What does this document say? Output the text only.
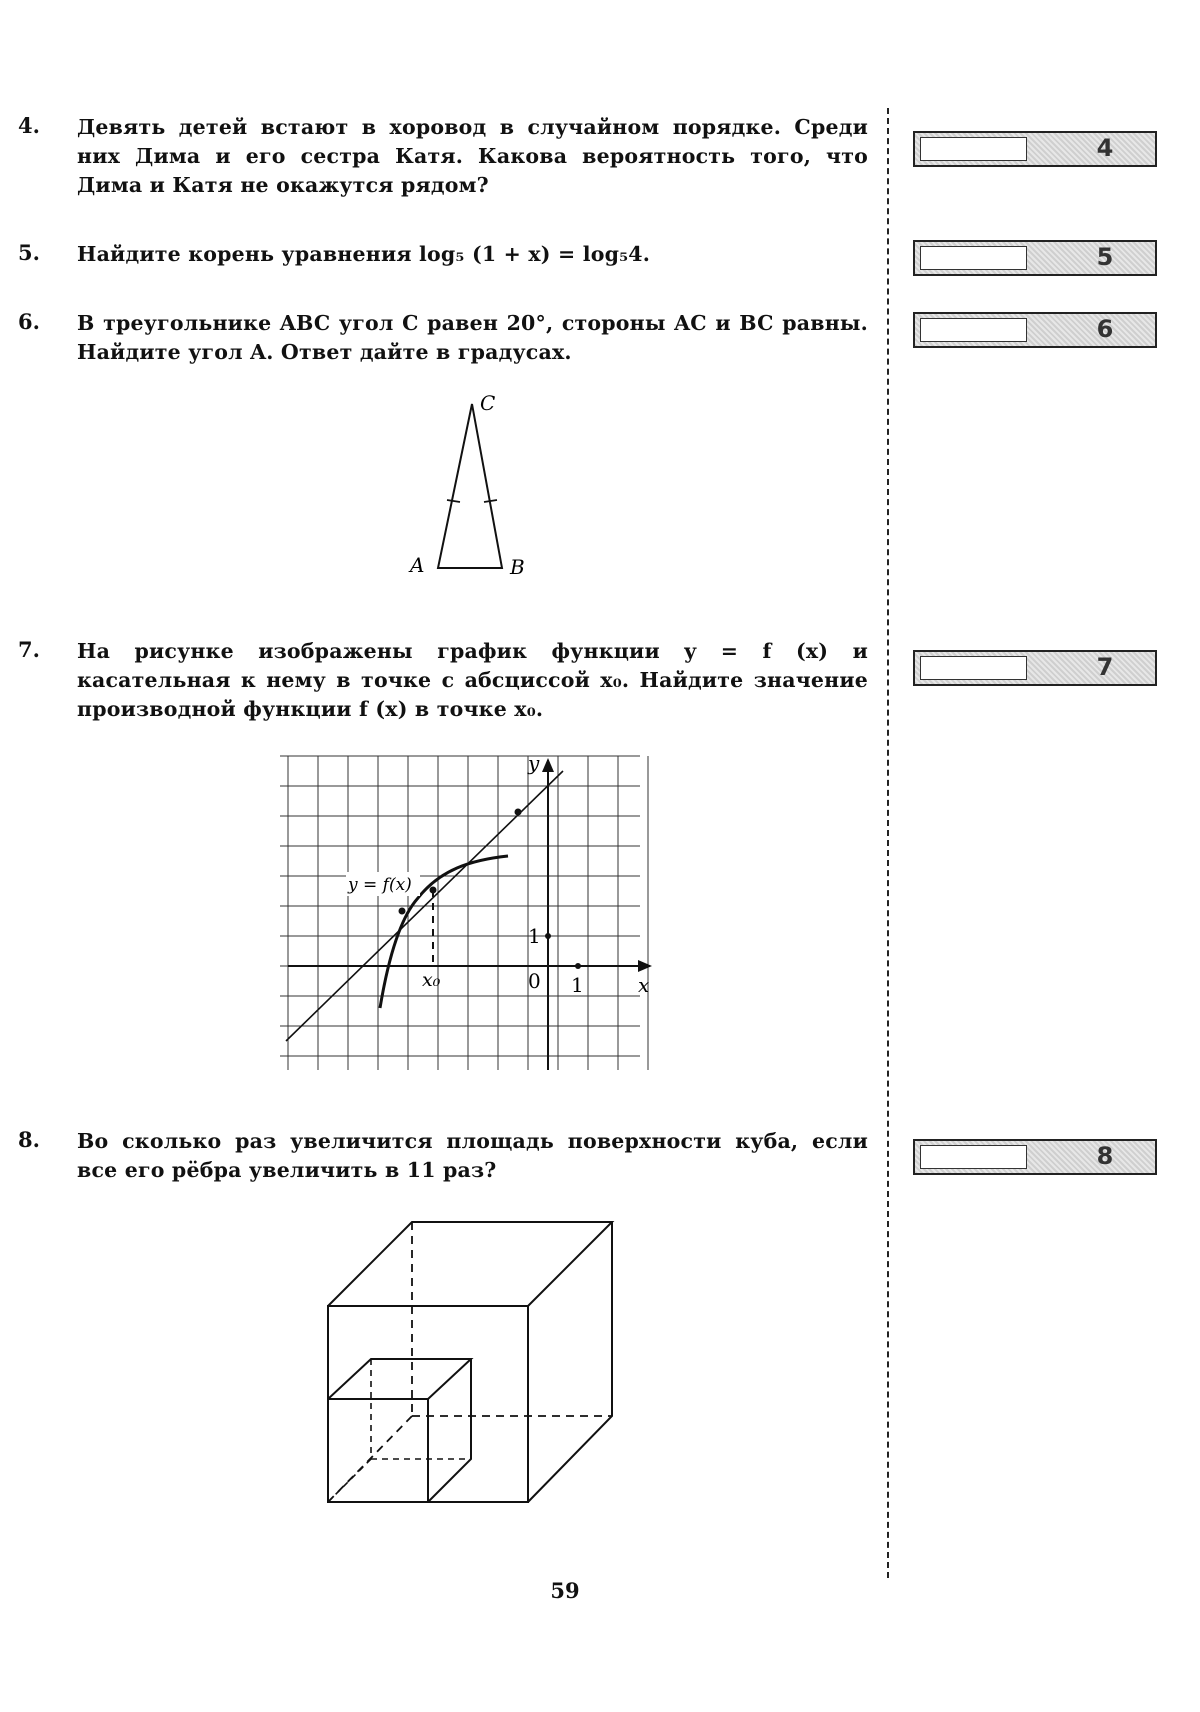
4. Девять детей встают в хоровод в случайном порядке. Среди них Дима и его сестра Катя. Какова вероятность того, что Дима и Катя не окажутся рядом?
5. Найдите корень уравнения log₅ (1 + x) = log₅4.
6. В треугольнике ABC угол C равен 20°, стороны AC и BC равны. Найдите угол A. Ответ дайте в градусах.
7. На рисунке изображены график функции y = f (x) и касательная к нему в точке с абсциссой x₀. Найдите значение производной функции f (x) в точке x₀.
8. Во сколько раз увеличится площадь поверхности куба, если все его рёбра увеличить в 11 раз?
4
5
6
7
8
C
A	B
y = f(x)
y
x
0 1
1
x₀
59
